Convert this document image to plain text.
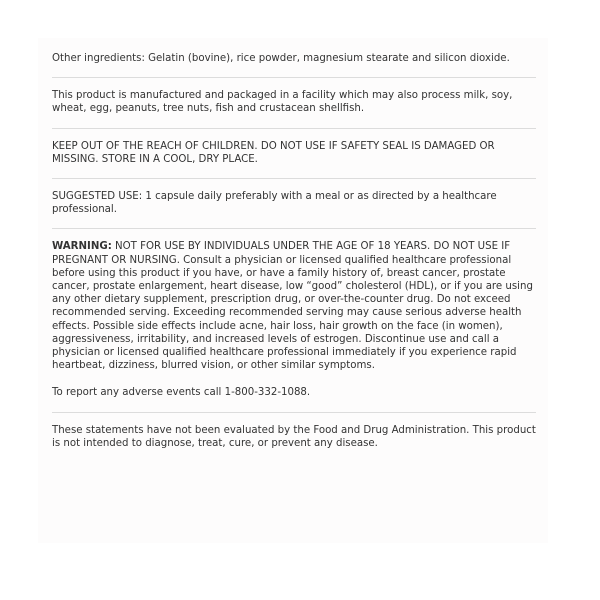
Other ingredients: Gelatin (bovine), rice powder, magnesium stearate and silicon dioxide.

This product is manufactured and packaged in a facility which may also process milk, soy, wheat, egg, peanuts, tree nuts, fish and crustacean shellfish.

KEEP OUT OF THE REACH OF CHILDREN. DO NOT USE IF SAFETY SEAL IS DAMAGED OR MISSING. STORE IN A COOL, DRY PLACE.

SUGGESTED USE: 1 capsule daily preferably with a meal or as directed by a healthcare professional.

WARNING: NOT FOR USE BY INDIVIDUALS UNDER THE AGE OF 18 YEARS. DO NOT USE IF PREGNANT OR NURSING. Consult a physician or licensed qualified healthcare professional before using this product if you have, or have a family history of, breast cancer, prostate cancer, prostate enlargement, heart disease, low “good” cholesterol (HDL), or if you are using any other dietary supplement, prescription drug, or over-the-counter drug. Do not exceed recommended serving. Exceeding recommended serving may cause serious adverse health effects. Possible side effects include acne, hair loss, hair growth on the face (in women), aggressiveness, irritability, and increased levels of estrogen. Discontinue use and call a physician or licensed qualified healthcare professional immediately if you experience rapid heartbeat, dizziness, blurred vision, or other similar symptoms.

To report any adverse events call 1-800-332-1088.

These statements have not been evaluated by the Food and Drug Administration. This product is not intended to diagnose, treat, cure, or prevent any disease.
